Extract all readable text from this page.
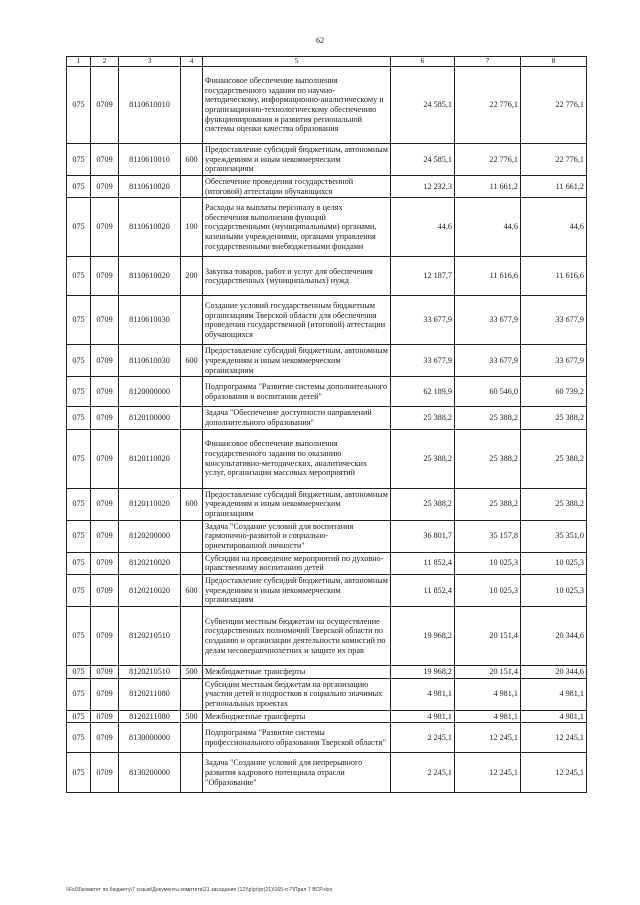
62
1	2	3	4	5	6	7	8
075	0709	8110610010		Финансовое обеспечение выполнения государственного задания по научно-методическому, информационно-аналитическому и организационно-технологическому обеспечению функционирования и развития региональной системы оценки качества образования	24 585,1	22 776,1	22 776,1
075	0709	8110610010	600	Предоставление субсидий бюджетным, автономным учреждениям и иным некоммерческим организациям	24 585,1	22 776,1	22 776,1
075	0709	8110610020		Обеспечение проведения государственной (итоговой) аттестации обучающихся	12 232,3	11 661,2	11 661,2
075	0709	8110610020	100	Расходы на выплаты персоналу в целях обеспечения выполнения функций государственными (муниципальными) органами, казенными учреждениями, органами управления государственными внебюджетными фондами	44,6	44,6	44,6
075	0709	8110610020	200	Закупка товаров, работ и услуг для обеспечения государственных (муниципальных) нужд	12 187,7	11 616,6	11 616,6
075	0709	8110610030		Создание условий государственным бюджетным организациям Тверской области для обеспечения проведения государственной (итоговой) аттестации обучающихся	33 677,9	33 677,9	33 677,9
075	0709	8110610030	600	Предоставление субсидий бюджетным, автономным учреждениям и иным некоммерческим организациям	33 677,9	33 677,9	33 677,9
075	0709	8120000000		Подпрограмма "Развитие системы дополнительного образования и воспитания детей"	62 189,9	60 546,0	60 739,2
075	0709	8120100000		Задача "Обеспечение доступности направлений дополнительного образования"	25 388,2	25 388,2	25 388,2
075	0709	8120110020		Финансовое обеспечение выполнения государственного задания по оказанию консультативно-методических, аналитических услуг, организации массовых мероприятий	25 388,2	25 388,2	25 388,2
075	0709	8120110020	600	Предоставление субсидий бюджетным, автономным учреждениям и иным некоммерческим организациям	25 388,2	25 388,2	25 388,2
075	0709	8120200000		Задача "Создание условий для воспитания гармонично-развитой и социально-ориентированной личности"	36 801,7	35 157,8	35 351,0
075	0709	8120210020		Субсидии на проведение мероприятий по духовно-нравственному воспитанию детей	11 852,4	10 025,3	10 025,3
075	0709	8120210020	600	Предоставление субсидий бюджетным, автономным учреждениям и иным некоммерческим организациям	11 852,4	10 025,3	10 025,3
075	0709	8120210510		Субвенции местным бюджетам на осуществление государственных полномочий Тверской области по созданию и организации деятельности комиссий по делам несовершеннолетних и защите их прав	19 968,2	20 151,4	20 344,6
075	0709	8120210510	500	Межбюджетные трансферты	19 968,2	20 151,4	20 344,6
075	0709	8120211080		Субсидии местным бюджетам на организацию участия детей и подростков в социально значимых региональных проектах	4 981,1	4 981,1	4 981,1
075	0709	8120211080	500	Межбюджетные трансферты	4 981,1	4 981,1	4 981,1
075	0709	8130000000		Подпрограмма "Развитие системы профессионального образования Тверской области"	2 245,1	12 245,1	12 245,1
075	0709	8130200000		Задача "Создание условий для непрерывного развития кадрового потенциала отрасли "Образование"	2 245,1	12 245,1	12 245,1
\\Fs03\комитет по бюджету\7 созыв\Документы комитета\21 заседание (12)\p\pr\pr(21)\165-п-7\Прил 7 ВСР.xlsx
